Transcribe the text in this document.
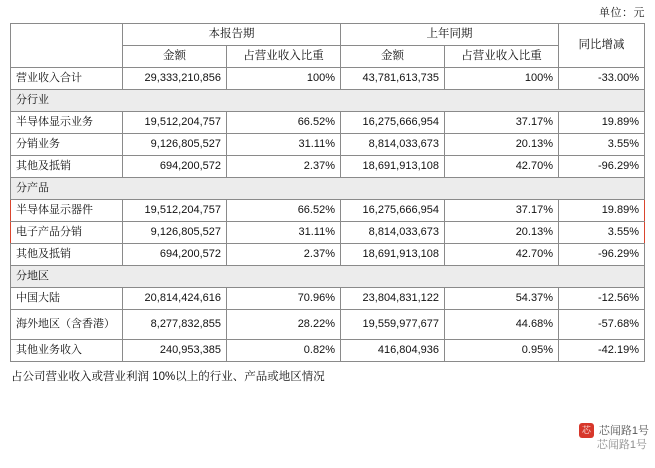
单位：元
	本报告期		上年同期		同比增减
	金额	占营业收入比重	金额	占营业收入比重	
营业收入合计	29,333,210,856	100%	43,781,613,735	100%	-33.00%
分行业					
半导体显示业务	19,512,204,757	66.52%	16,275,666,954	37.17%	19.89%
分销业务	9,126,805,527	31.11%	8,814,033,673	20.13%	3.55%
其他及抵销	694,200,572	2.37%	18,691,913,108	42.70%	-96.29%
分产品					
半导体显示器件	19,512,204,757	66.52%	16,275,666,954	37.17%	19.89%
电子产品分销	9,126,805,527	31.11%	8,814,033,673	20.13%	3.55%
其他及抵销	694,200,572	2.37%	18,691,913,108	42.70%	-96.29%
分地区					
中国大陆	20,814,424,616	70.96%	23,804,831,122	54.37%	-12.56%
海外地区（含香港）	8,277,832,855	28.22%	19,559,977,677	44.68%	-57.68%
其他业务收入	240,953,385	0.82%	416,804,936	0.95%	-42.19%
占公司营业收入或营业利润 10%以上的行业、产品或地区情况
芯 芯闻路1号
芯闻路1号
